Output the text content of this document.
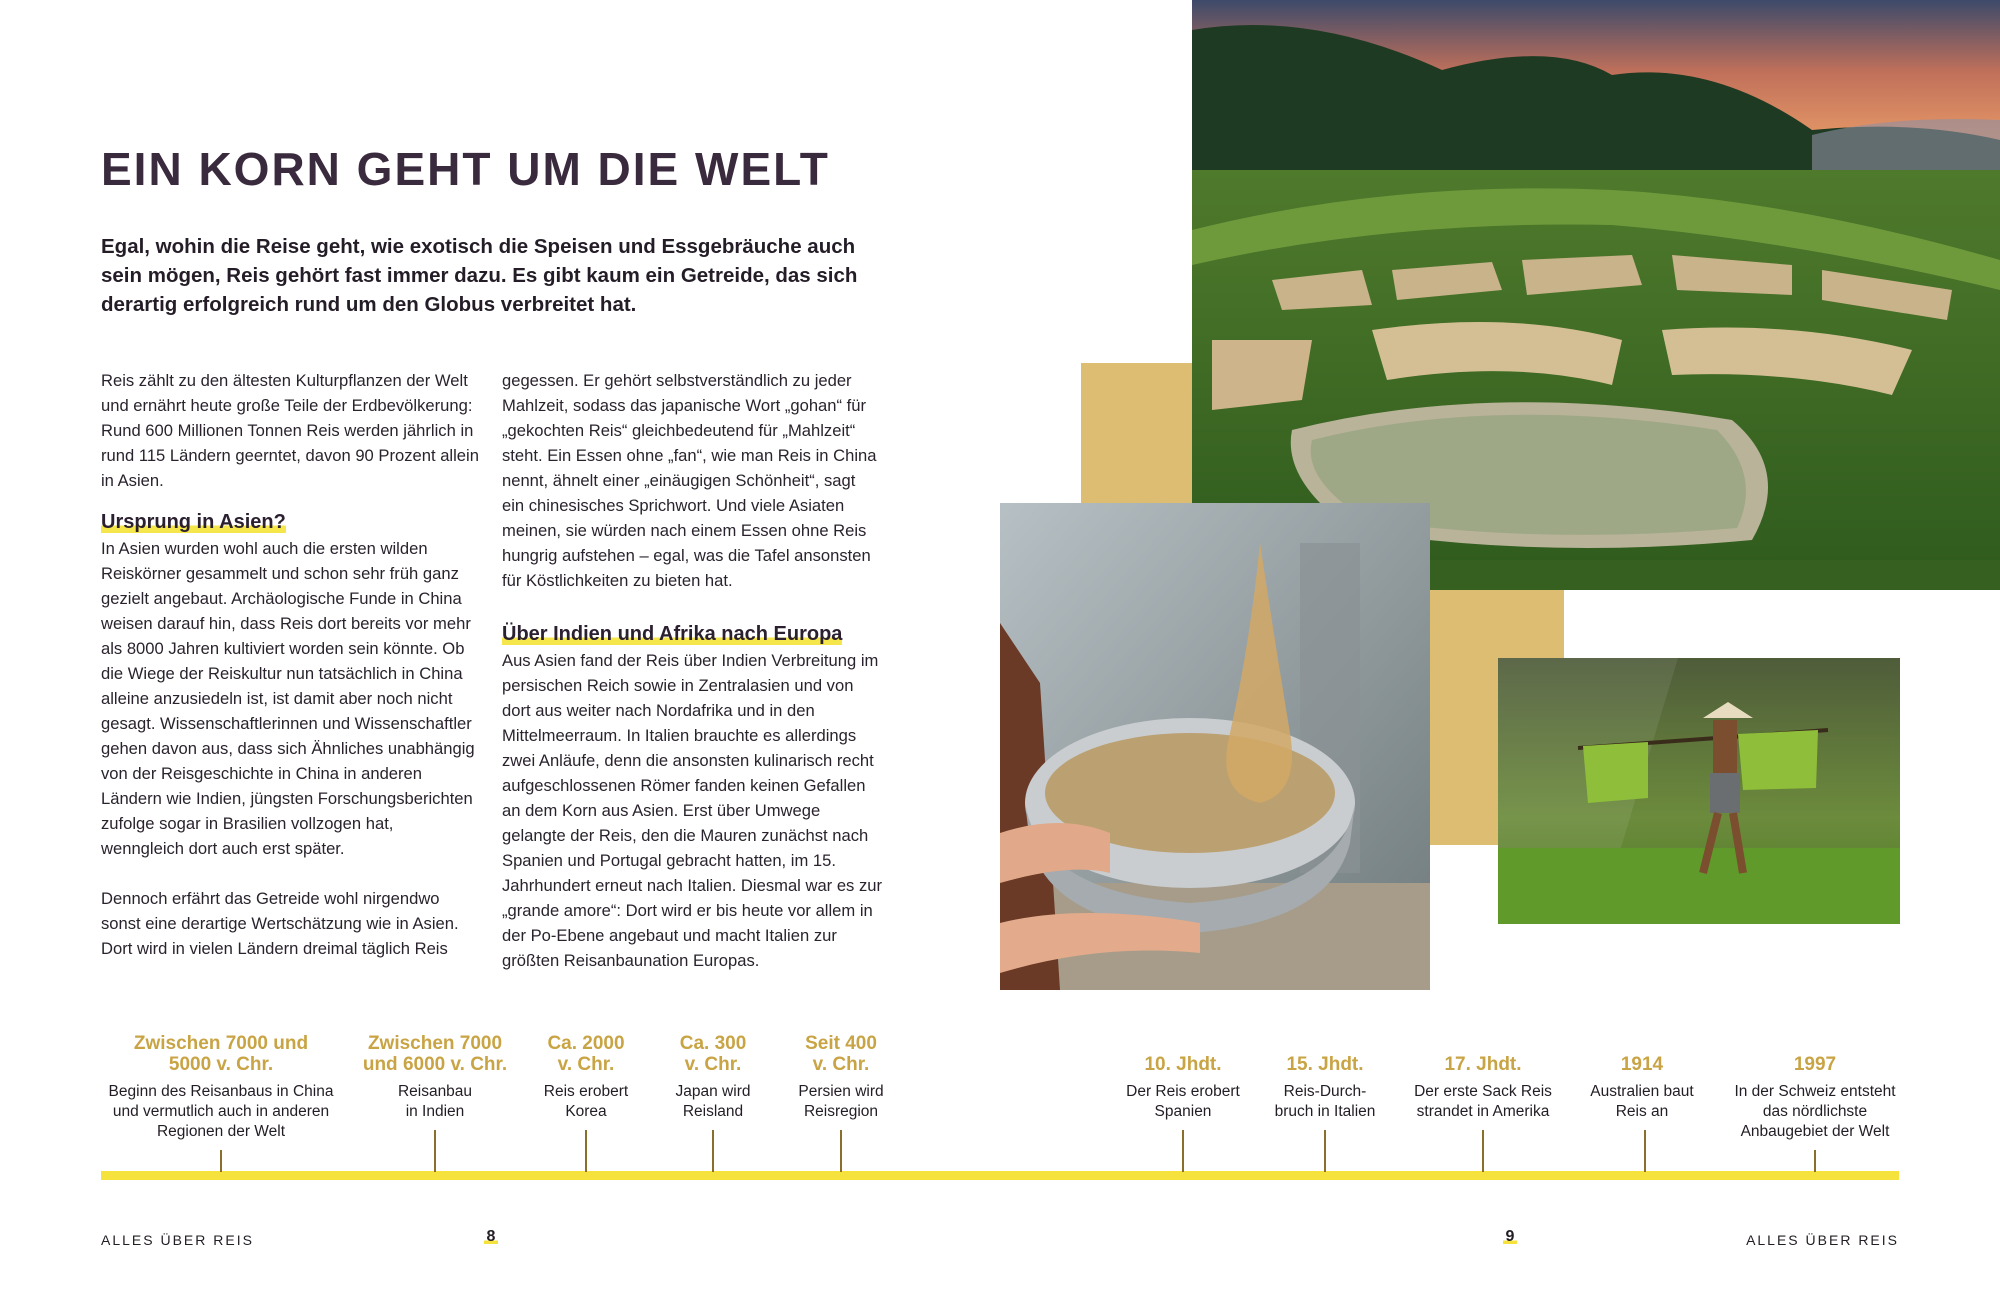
EIN KORN GEHT UM DIE WELT
Egal, wohin die Reise geht, wie exotisch die Speisen und Essgebräuche auch sein mögen, Reis gehört fast immer dazu. Es gibt kaum ein Getreide, das sich derartig erfolgreich rund um den Globus verbreitet hat.

Reis zählt zu den ältesten Kulturpflanzen der Welt und ernährt heute große Teile der Erdbevölkerung: Rund 600 Millionen Tonnen Reis werden jährlich in rund 115 Ländern geerntet, davon 90 Prozent allein in Asien.

Ursprung in Asien?

In Asien wurden wohl auch die ersten wilden Reiskörner gesammelt und schon sehr früh ganz gezielt angebaut. Archäologische Funde in China weisen darauf hin, dass Reis dort bereits vor mehr als 8000 Jahren kultiviert worden sein könnte. Ob die Wiege der Reiskultur nun tatsächlich in China alleine anzusiedeln ist, ist damit aber noch nicht gesagt. Wissenschaftlerinnen und Wissenschaftler gehen davon aus, dass sich Ähnliches unabhängig von der Reisgeschichte in China in anderen Ländern wie Indien, jüngsten Forschungsberichten zufolge sogar in Brasilien vollzogen hat, wenngleich dort auch erst später.

Dennoch erfährt das Getreide wohl nirgendwo sonst eine derartige Wertschätzung wie in Asien. Dort wird in vielen Ländern dreimal täglich Reis

gegessen. Er gehört selbstverständlich zu jeder Mahlzeit, sodass das japanische Wort „gohan“ für „gekochten Reis“ gleichbedeutend für „Mahlzeit“ steht. Ein Essen ohne „fan“, wie man Reis in China nennt, ähnelt einer „einäugigen Schönheit“, sagt ein chinesisches Sprichwort. Und viele Asiaten meinen, sie würden nach einem Essen ohne Reis hungrig aufstehen – egal, was die Tafel ansonsten für Köstlichkeiten zu bieten hat.

Über Indien und Afrika nach Europa

Aus Asien fand der Reis über Indien Verbreitung im persischen Reich sowie in Zentralasien und von dort aus weiter nach Nordafrika und in den Mittelmeerraum. In Italien brauchte es allerdings zwei Anläufe, denn die ansonsten kulinarisch recht aufgeschlossenen Römer fanden keinen Gefallen an dem Korn aus Asien. Erst über Umwege gelangte der Reis, den die Mauren zunächst nach Spanien und Portugal gebracht hatten, im 15. Jahrhundert erneut nach Italien. Diesmal war es zur „grande amore“: Dort wird er bis heute vor allem in der Po-Ebene angebaut und macht Italien zur größten Reisanbaunation Europas.

Zwischen 7000 und
5000 v. Chr.
Beginn des Reisanbaus in China
und vermutlich auch in anderen
Regionen der Welt
Zwischen 7000
und 6000 v. Chr.
Reisanbau
in Indien
Ca. 2000
v. Chr.
Reis erobert
Korea
Ca. 300
v. Chr.
Japan wird
Reisland
Seit 400
v. Chr.
Persien wird
Reisregion
10. Jhdt.
Der Reis erobert
Spanien
15. Jhdt.
Reis-Durch-
bruch in Italien
17. Jhdt.
Der erste Sack Reis
strandet in Amerika
1914
Australien baut
Reis an
1997
In der Schweiz entsteht
das nördlichste
Anbaugebiet der Welt
ALLES ÜBER REIS	8	9	ALLES ÜBER REIS
